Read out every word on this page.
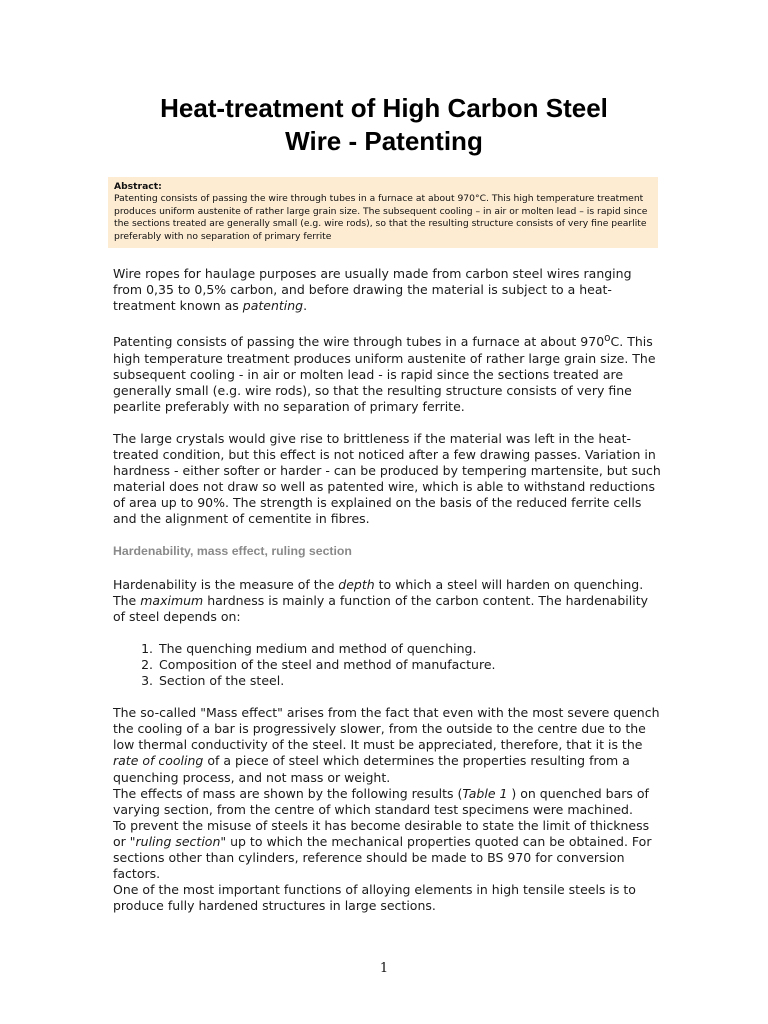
Heat-treatment of High Carbon Steel
Wire - Patenting
Abstract:
Patenting consists of passing the wire through tubes in a furnace at about 970°C. This high temperature treatment produces uniform austenite of rather large grain size. The subsequent cooling – in air or molten lead – is rapid since the sections treated are generally small (e.g. wire rods), so that the resulting structure consists of very fine pearlite preferably with no separation of primary ferrite

Wire ropes for haulage purposes are usually made from carbon steel wires ranging from 0,35 to 0,5% carbon, and before drawing the material is subject to a heat-treatment known as patenting.

Patenting consists of passing the wire through tubes in a furnace at about 970$^o$C. This high temperature treatment produces uniform austenite of rather large grain size. The subsequent cooling - in air or molten lead - is rapid since the sections treated are generally small (e.g. wire rods), so that the resulting structure consists of very fine pearlite preferably with no separation of primary ferrite.

The large crystals would give rise to brittleness if the material was left in the heat-treated condition, but this effect is not noticed after a few drawing passes. Variation in hardness - either softer or harder - can be produced by tempering martensite, but such material does not draw so well as patented wire, which is able to withstand reductions of area up to 90%. The strength is explained on the basis of the reduced ferrite cells and the alignment of cementite in fibres.

Hardenability, mass effect, ruling section

Hardenability is the measure of the depth to which a steel will harden on quenching. The maximum hardness is mainly a function of the carbon content. The hardenability of steel depends on:

1. The quenching medium and method of quenching.
2. Composition of the steel and method of manufacture.
3. Section of the steel.

The so-called "Mass effect" arises from the fact that even with the most severe quench the cooling of a bar is progressively slower, from the outside to the centre due to the low thermal conductivity of the steel. It must be appreciated, therefore, that it is the rate of cooling of a piece of steel which determines the properties resulting from a quenching process, and not mass or weight.

The effects of mass are shown by the following results (Table 1 ) on quenched bars of varying section, from the centre of which standard test specimens were machined.

To prevent the misuse of steels it has become desirable to state the limit of thickness or "ruling section" up to which the mechanical properties quoted can be obtained. For sections other than cylinders, reference should be made to BS 970 for conversion factors.

One of the most important functions of alloying elements in high tensile steels is to produce fully hardened structures in large sections.

1
